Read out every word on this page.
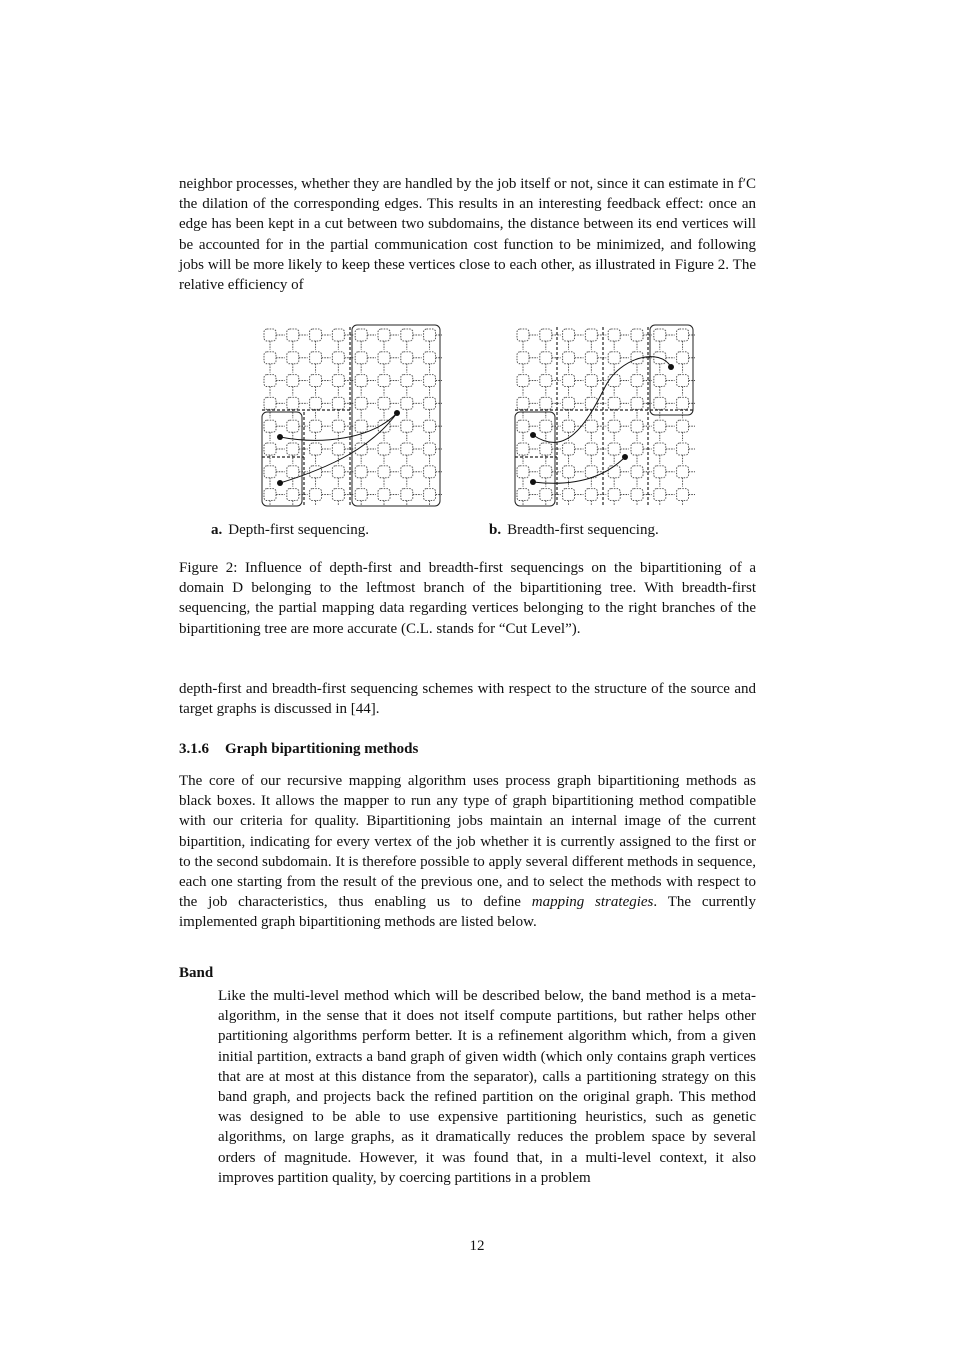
neighbor processes, whether they are handled by the job itself or not, since it can estimate in f′C the dilation of the corresponding edges. This results in an interesting feedback effect: once an edge has been kept in a cut between two subdomains, the distance between its end vertices will be accounted for in the partial communication cost function to be minimized, and following jobs will be more likely to keep these vertices close to each other, as illustrated in Figure 2. The relative efficiency of

a. Depth-first sequencing.	b. Breadth-first sequencing.

Figure 2: Influence of depth-first and breadth-first sequencings on the bipartitioning of a domain D belonging to the leftmost branch of the bipartitioning tree. With breadth-first sequencing, the partial mapping data regarding vertices belonging to the right branches of the bipartitioning tree are more accurate (C.L. stands for “Cut Level”).

depth-first and breadth-first sequencing schemes with respect to the structure of the source and target graphs is discussed in [44].

3.1.6 Graph bipartitioning methods

The core of our recursive mapping algorithm uses process graph bipartitioning methods as black boxes. It allows the mapper to run any type of graph bipartitioning method compatible with our criteria for quality. Bipartitioning jobs maintain an internal image of the current bipartition, indicating for every vertex of the job whether it is currently assigned to the first or to the second subdomain. It is therefore possible to apply several different methods in sequence, each one starting from the result of the previous one, and to select the methods with respect to the job characteristics, thus enabling us to define mapping strategies. The currently implemented graph bipartitioning methods are listed below.

Band

Like the multi-level method which will be described below, the band method is a meta-algorithm, in the sense that it does not itself compute partitions, but rather helps other partitioning algorithms perform better. It is a refinement algorithm which, from a given initial partition, extracts a band graph of given width (which only contains graph vertices that are at most at this distance from the separator), calls a partitioning strategy on this band graph, and projects back the refined partition on the original graph. This method was designed to be able to use expensive partitioning heuristics, such as genetic algorithms, on large graphs, as it dramatically reduces the problem space by several orders of magnitude. However, it was found that, in a multi-level context, it also improves partition quality, by coercing partitions in a problem

12
